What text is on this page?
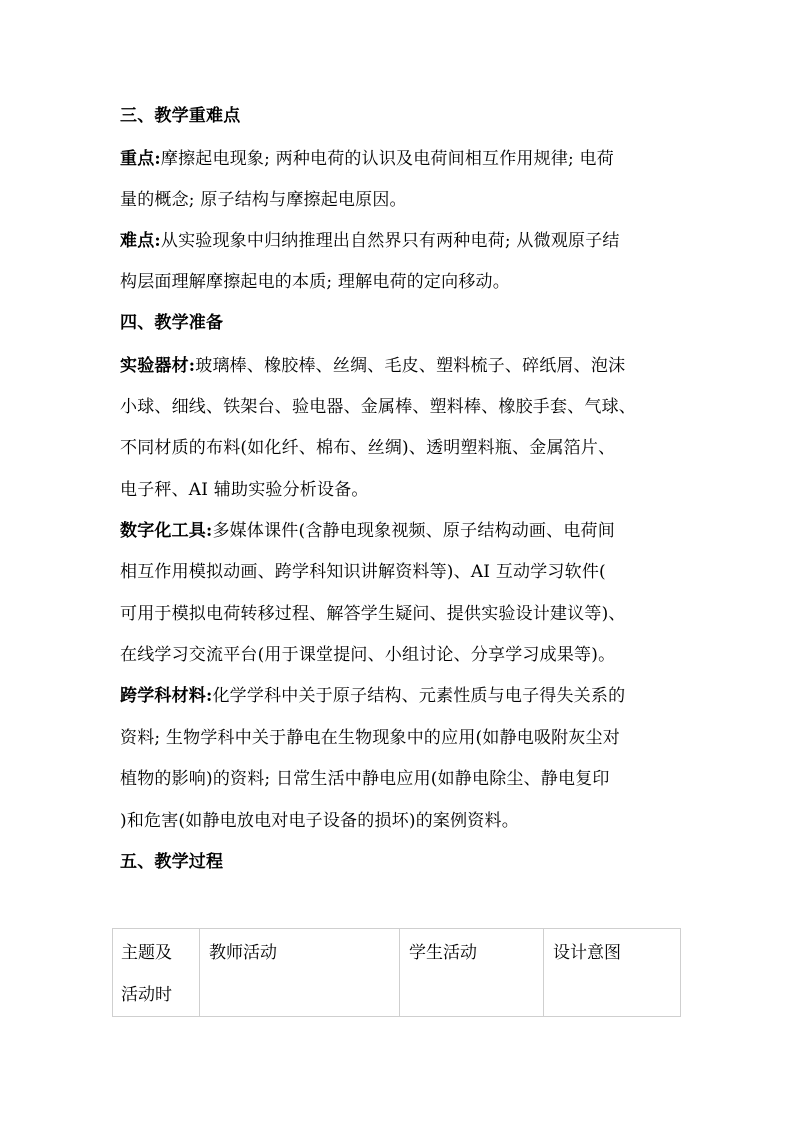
三、教学重难点
重点:摩擦起电现象; 两种电荷的认识及电荷间相互作用规律; 电荷
量的概念; 原子结构与摩擦起电原因。
难点:从实验现象中归纳推理出自然界只有两种电荷; 从微观原子结
构层面理解摩擦起电的本质; 理解电荷的定向移动。
四、教学准备
实验器材:玻璃棒、橡胶棒、丝绸、毛皮、塑料梳子、碎纸屑、泡沫
小球、细线、铁架台、验电器、金属棒、塑料棒、橡胶手套、气球、
不同材质的布料(如化纤、棉布、丝绸)、透明塑料瓶、金属箔片、
电子秤、AI 辅助实验分析设备。
数字化工具:多媒体课件(含静电现象视频、原子结构动画、电荷间
相互作用模拟动画、跨学科知识讲解资料等)、AI 互动学习软件(
可用于模拟电荷转移过程、解答学生疑问、提供实验设计建议等)、
在线学习交流平台(用于课堂提问、小组讨论、分享学习成果等)。
跨学科材料:化学学科中关于原子结构、元素性质与电子得失关系的
资料; 生物学科中关于静电在生物现象中的应用(如静电吸附灰尘对
植物的影响)的资料; 日常生活中静电应用(如静电除尘、静电复印
)和危害(如静电放电对电子设备的损坏)的案例资料。
五、教学过程
主题及
活动时
教师活动	学生活动	设计意图
